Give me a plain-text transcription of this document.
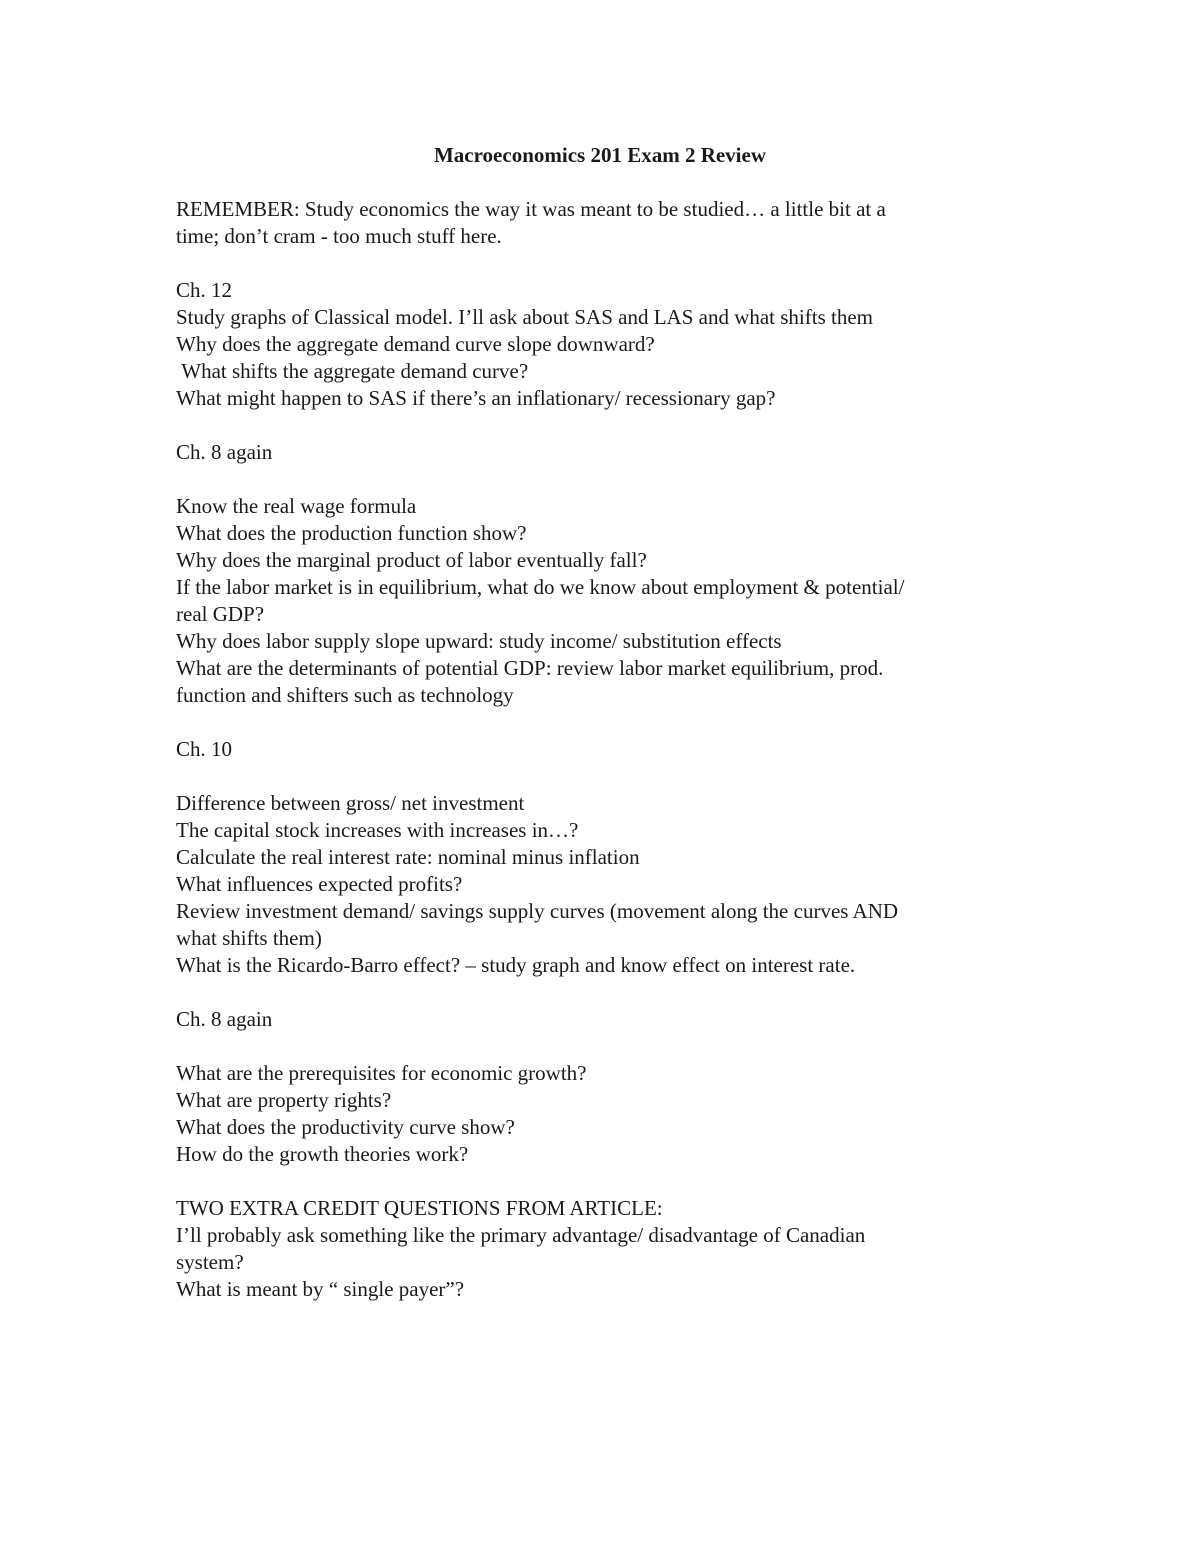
Macroeconomics 201 Exam 2 Review
REMEMBER: Study economics the way it was meant to be studied… a little bit at a
time; don’t cram - too much stuff here.
Ch. 12
Study graphs of Classical model. I’ll ask about SAS and LAS and what shifts them
Why does the aggregate demand curve slope downward?
What shifts the aggregate demand curve?
What might happen to SAS if there’s an inflationary/ recessionary gap?
Ch. 8 again
Know the real wage formula
What does the production function show?
Why does the marginal product of labor eventually fall?
If the labor market is in equilibrium, what do we know about employment & potential/
real GDP?
Why does labor supply slope upward: study income/ substitution effects
What are the determinants of potential GDP: review labor market equilibrium, prod.
function and shifters such as technology
Ch. 10
Difference between gross/ net investment
The capital stock increases with increases in…?
Calculate the real interest rate: nominal minus inflation
What influences expected profits?
Review investment demand/ savings supply curves (movement along the curves AND
what shifts them)
What is the Ricardo-Barro effect? – study graph and know effect on interest rate.
Ch. 8 again
What are the prerequisites for economic growth?
What are property rights?
What does the productivity curve show?
How do the growth theories work?
TWO EXTRA CREDIT QUESTIONS FROM ARTICLE:
I’ll probably ask something like the primary advantage/ disadvantage of Canadian
system?
What is meant by “ single payer”?
